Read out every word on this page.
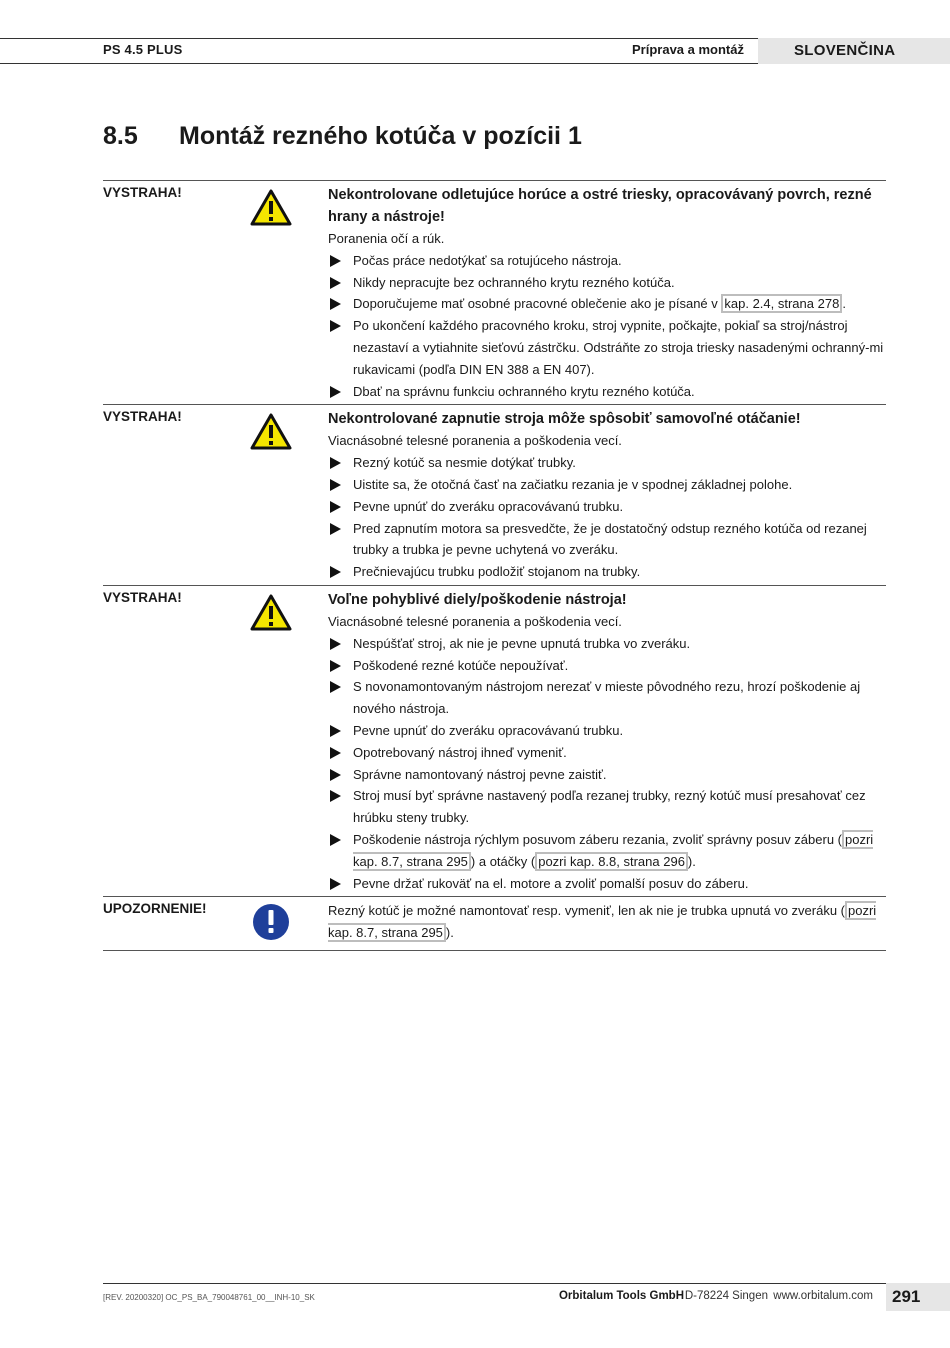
PS 4.5 PLUS	Príprava a montáž	SLOVENČINA
8.5 Montáž rezného kotúča v pozícii 1
VYSTRAHA!	Nekontrolovane odletujúce horúce a ostré triesky, opracovávaný povrch, rezné hrany a nástroje!
Poranenia očí a rúk.
Počas práce nedotýkať sa rotujúceho nástroja.
Nikdy nepracujte bez ochranného krytu rezného kotúča.
Doporučujeme mať osobné pracovné oblečenie ako je písané v kap. 2.4, strana 278 .
Po ukončení každého pracovného kroku, stroj vypnite, počkajte, pokiaľ sa stroj/nástroj nezastaví a vytiahnite sieťovú zástrčku. Odstráňte zo stroja triesky nasadenými ochranný-mi rukavicami (podľa DIN EN 388 a EN 407).
Dbať na správnu funkciu ochranného krytu rezného kotúča.
VYSTRAHA!	Nekontrolované zapnutie stroja môže spôsobiť samovoľné otáčanie!
Viacnásobné telesné poranenia a poškodenia vecí.
Rezný kotúč sa nesmie dotýkať trubky.
Uistite sa, že otočná časť na začiatku rezania je v spodnej základnej polohe.
Pevne upnúť do zveráku opracovávanú trubku.
Pred zapnutím motora sa presvedčte, že je dostatočný odstup rezného kotúča od rezanej trubky a trubka je pevne uchytená vo zveráku.
Prečnievajúcu trubku podložiť stojanom na trubky.
VYSTRAHA!	Voľne pohyblivé diely/poškodenie nástroja!
Viacnásobné telesné poranenia a poškodenia vecí.
Nespúšťať stroj, ak nie je pevne upnutá trubka vo zveráku.
Poškodené rezné kotúče nepoužívať.
S novonamontovaným nástrojom nerezať v mieste pôvodného rezu, hrozí poškodenie aj nového nástroja.
Pevne upnúť do zveráku opracovávanú trubku.
Opotrebovaný nástroj ihneď vymeniť.
Správne namontovaný nástroj pevne zaistiť.
Stroj musí byť správne nastavený podľa rezanej trubky, rezný kotúč musí presahovať cez hrúbku steny trubky.
Poškodenie nástroja rýchlym posuvom záberu rezania, zvoliť správny posuv záberu ( pozri kap. 8.7, strana 295 ) a otáčky ( pozri kap. 8.8, strana 296 ).
Pevne držať rukoväť na el. motore a zvoliť pomalší posuv do záberu.
UPOZORNENIE!	Rezný kotúč je možné namontovať resp. vymeniť, len ak nie je trubka upnutá vo zveráku ( pozri kap. 8.7, strana 295 ).
[REV. 20200320] OC_PS_BA_790048761_00__INH-10_SK	Orbitalum Tools GmbH D-78224 Singen www.orbitalum.com	291
